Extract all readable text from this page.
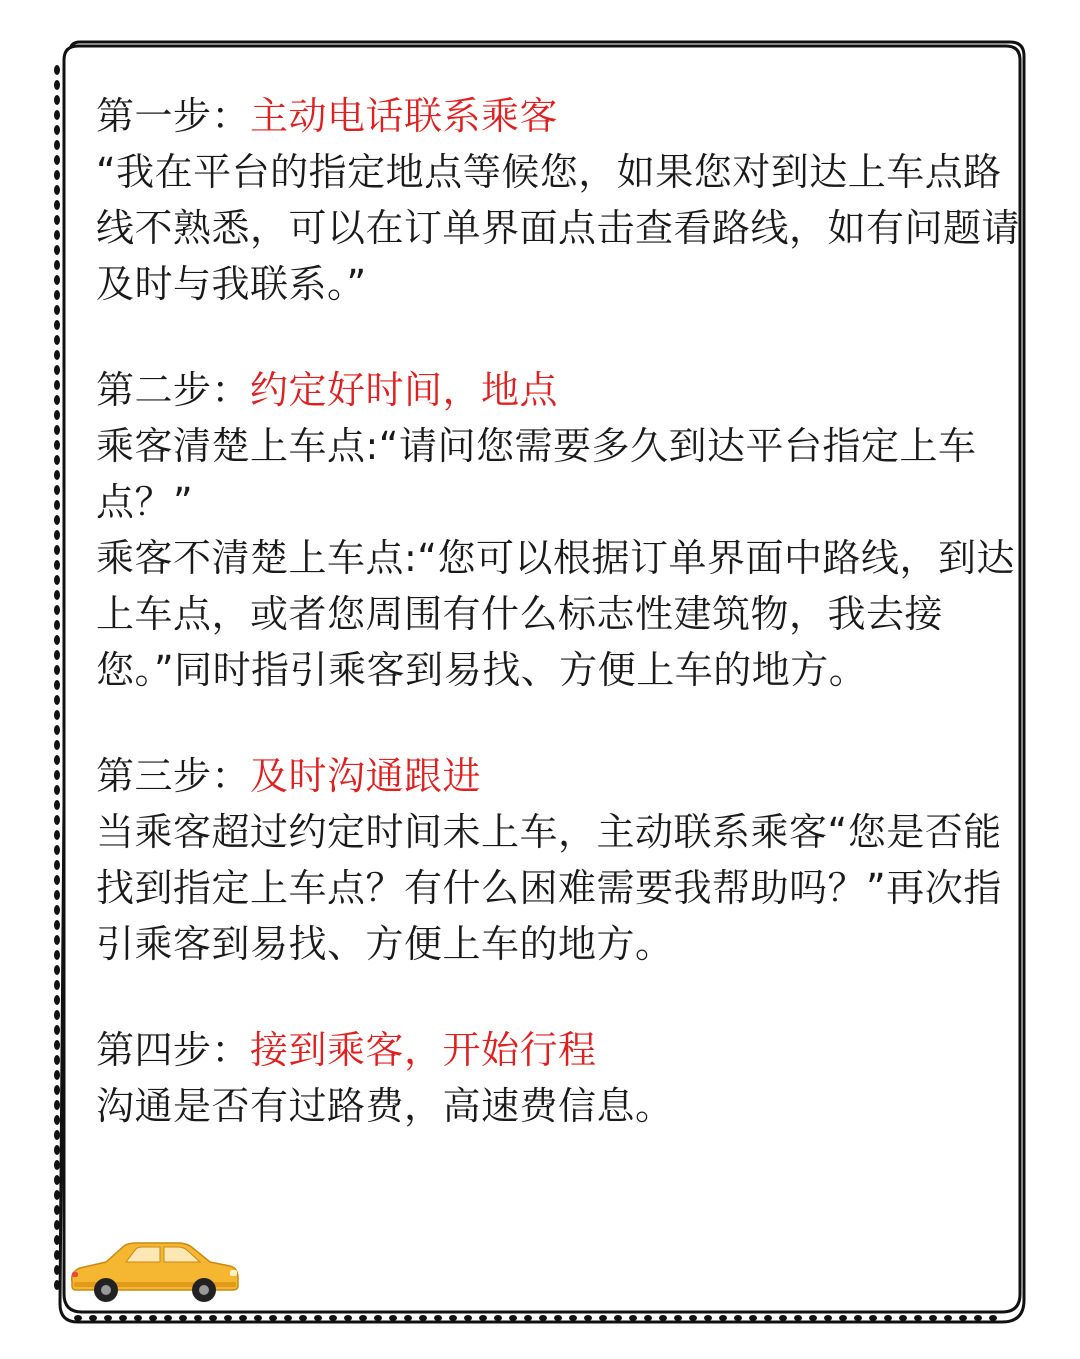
第一步：主动电话联系乘客

“我在平台的指定地点等候您，如果您对到达上车点路线不熟悉，可以在订单界面点击查看路线，如有问题请及时与我联系。”

第二步：约定好时间，地点

乘客清楚上车点:“请问您需要多久到达平台指定上车点？”

乘客不清楚上车点:“您可以根据订单界面中路线，到达上车点，或者您周围有什么标志性建筑物，我去接您。”同时指引乘客到易找、方便上车的地方。

第三步：及时沟通跟进

当乘客超过约定时间未上车，主动联系乘客“您是否能找到指定上车点？有什么困难需要我帮助吗？”再次指引乘客到易找、方便上车的地方。

第四步：接到乘客，开始行程

沟通是否有过路费，高速费信息。
